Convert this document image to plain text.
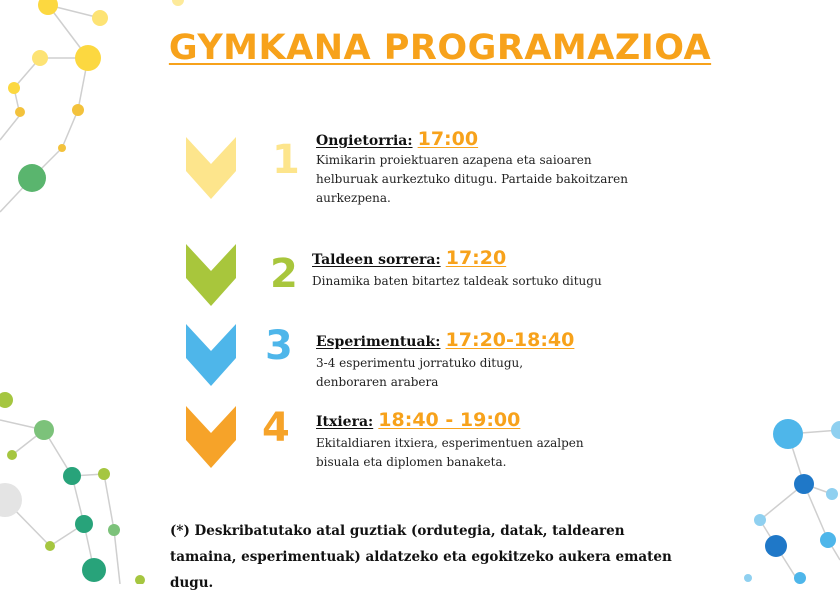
GYMKANA PROGRAMAZIOA
1 Ongietorria: 17:00
Kimikarin proiektuaren azapena eta saioaren
helburuak aurkeztuko ditugu. Partaide bakoitzaren
aurkezpena.
2 Taldeen sorrera: 17:20
Dinamika baten bitartez taldeak sortuko ditugu
3 Esperimentuak: 17:20-18:40
3-4 esperimentu jorratuko ditugu,
denboraren arabera
4 Itxiera: 18:40 - 19:00
Ekitaldiaren itxiera, esperimentuen azalpen
bisuala eta diplomen banaketa.
(*) Deskribatutako atal guztiak (ordutegia, datak, taldearen tamaina, esperimentuak) aldatzeko eta egokitzeko aukera ematen dugu.
